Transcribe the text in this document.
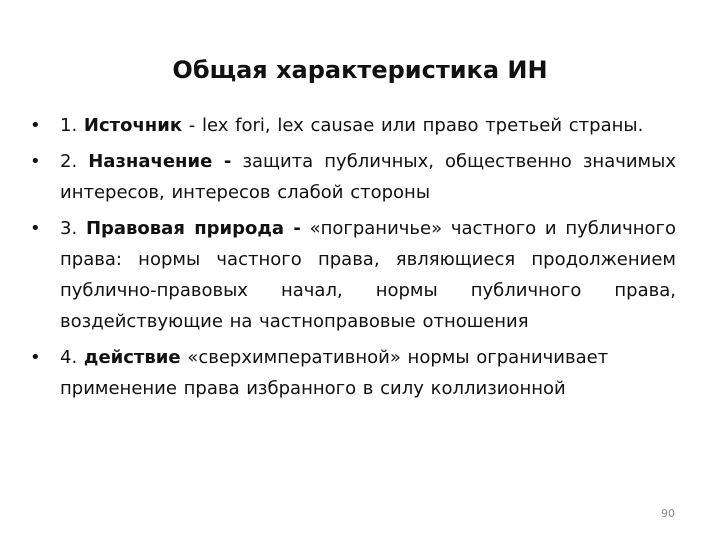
Общая характеристика ИН
• 1. Источник - lex fori, lex causae или право третьей страны.
• 2. Назначение - защита публичных, общественно значимых интересов, интересов слабой стороны
• 3. Правовая природа - «пограничье» частного и публичного права: нормы частного права, являющиеся продолжением публично-правовых начал, нормы публичного права, воздействующие на частноправовые отношения
• 4. действие «сверхимперативной» нормы ограничивает применение права избранного в силу коллизионной
90
